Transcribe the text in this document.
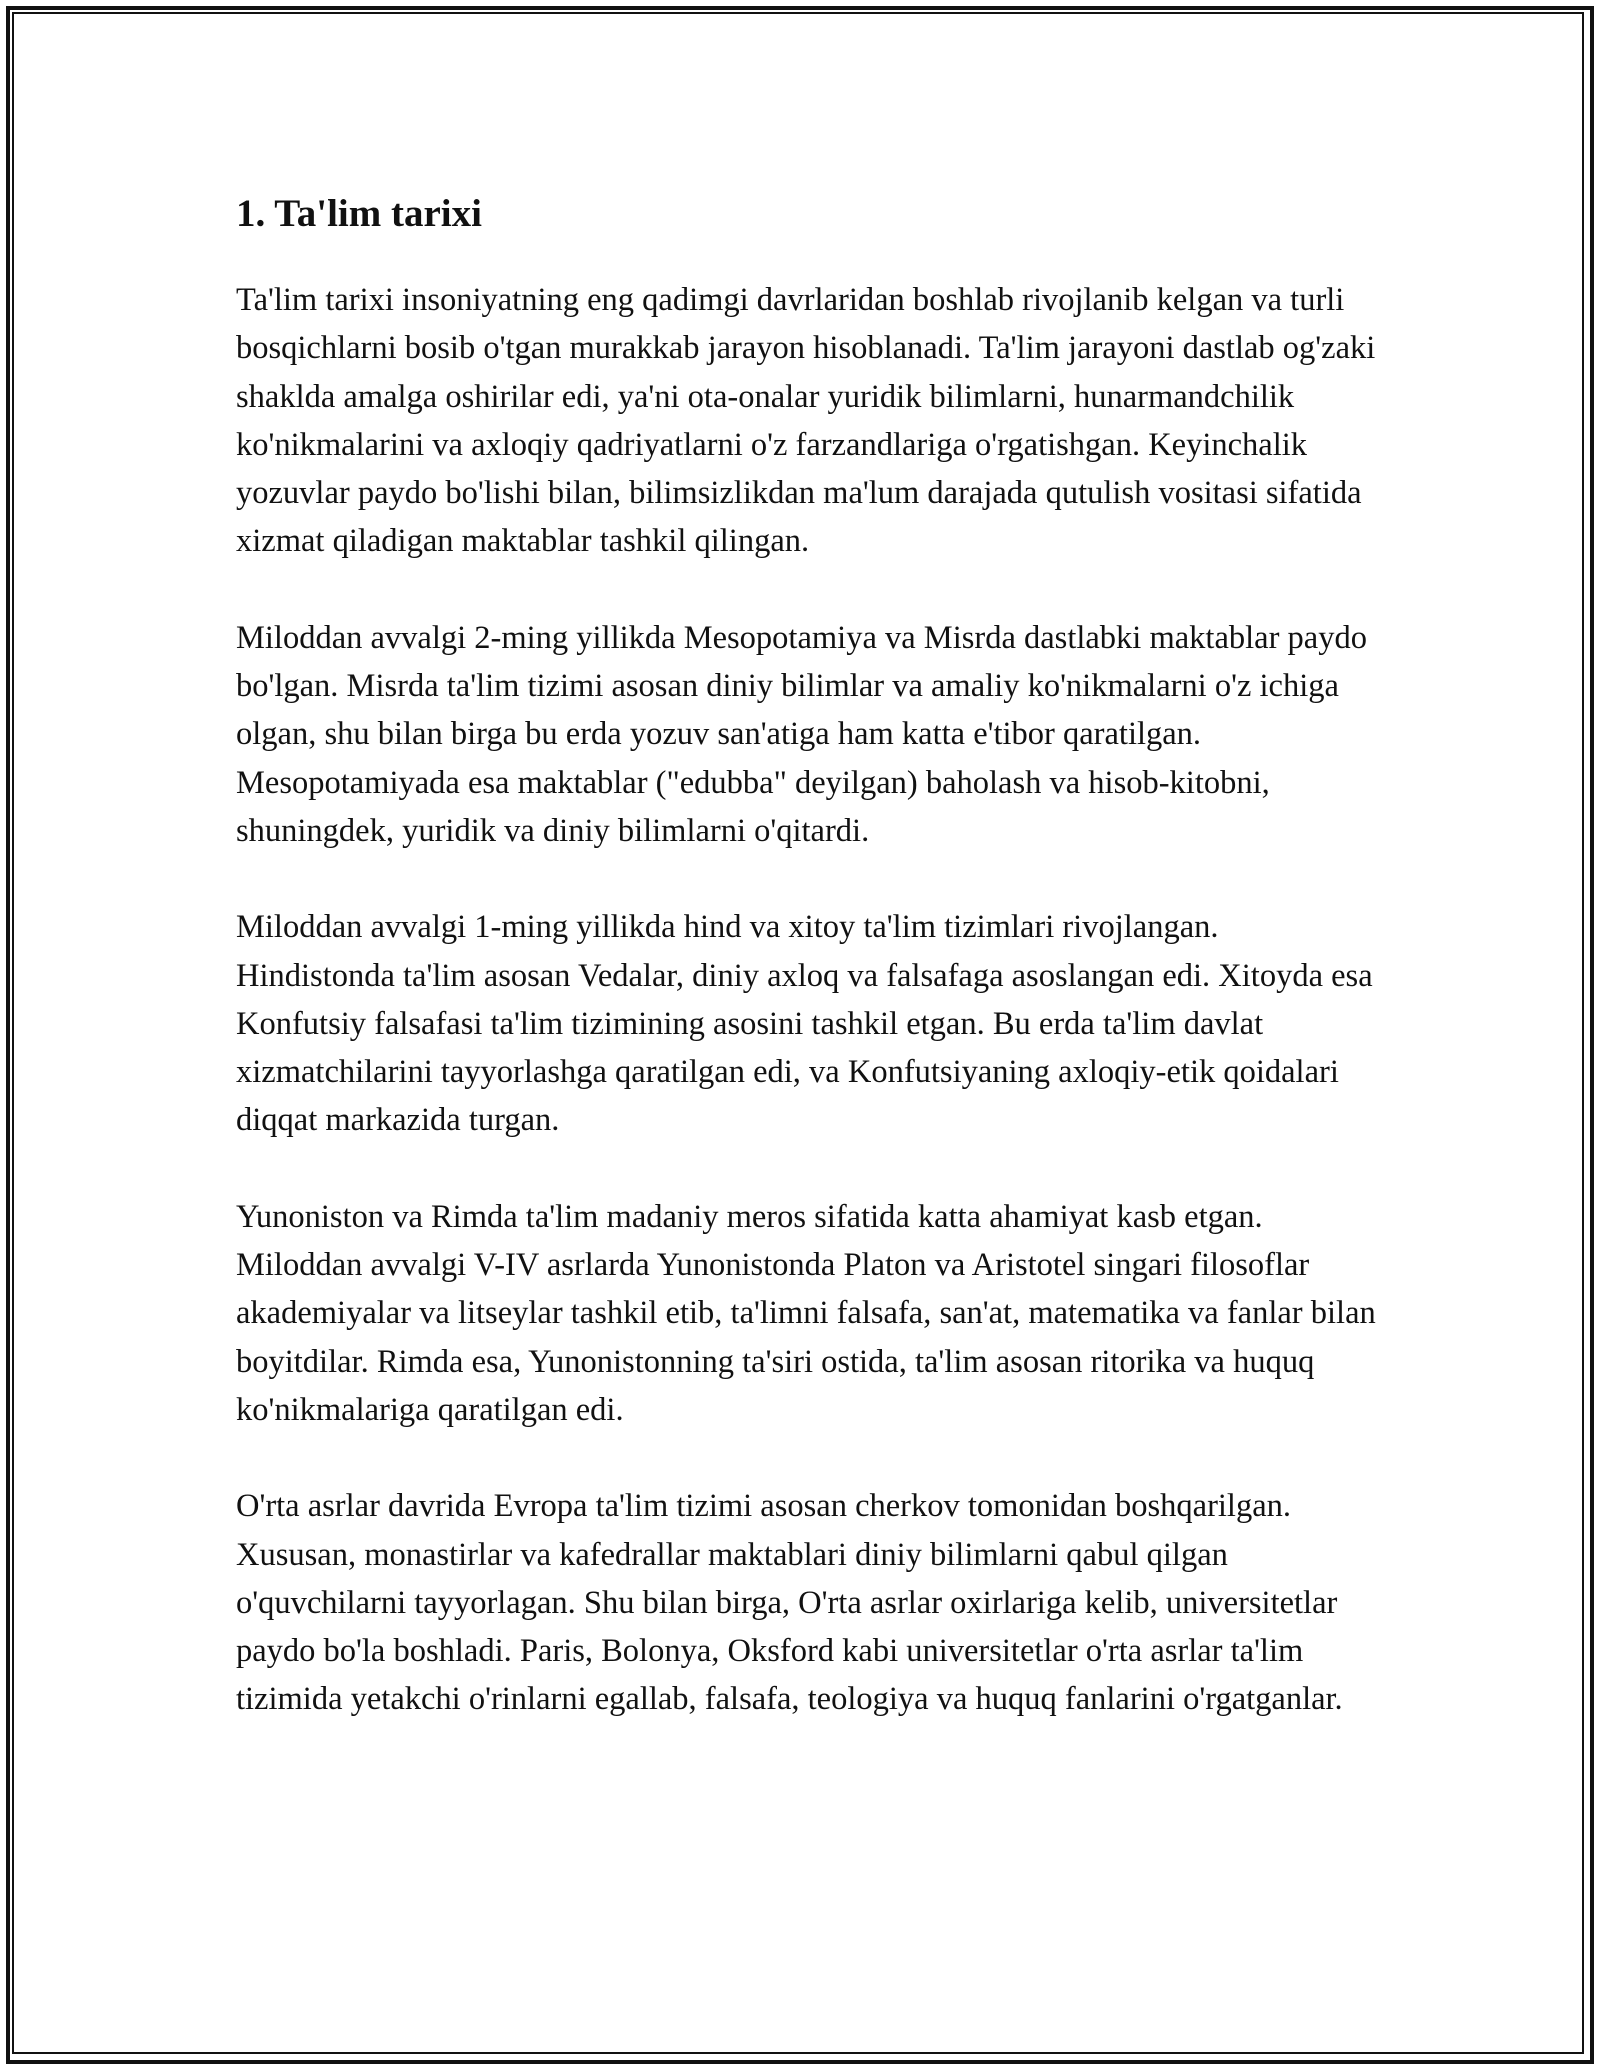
1. Ta'lim tarixi

Ta'lim tarixi insoniyatning eng qadimgi davrlaridan boshlab rivojlanib kelgan va turli bosqichlarni bosib o'tgan murakkab jarayon hisoblanadi. Ta'lim jarayoni dastlab og'zaki shaklda amalga oshirilar edi, ya'ni ota-onalar yuridik bilimlarni, hunarmandchilik ko'nikmalarini va axloqiy qadriyatlarni o'z farzandlariga o'rgatishgan. Keyinchalik yozuvlar paydo bo'lishi bilan, bilimsizlikdan ma'lum darajada qutulish vositasi sifatida xizmat qiladigan maktablar tashkil qilingan.

Miloddan avvalgi 2-ming yillikda Mesopotamiya va Misrda dastlabki maktablar paydo bo'lgan. Misrda ta'lim tizimi asosan diniy bilimlar va amaliy ko'nikmalarni o'z ichiga olgan, shu bilan birga bu erda yozuv san'atiga ham katta e'tibor qaratilgan. Mesopotamiyada esa maktablar ("edubba" deyilgan) baholash va hisob-kitobni, shuningdek, yuridik va diniy bilimlarni o'qitardi.

Miloddan avvalgi 1-ming yillikda hind va xitoy ta'lim tizimlari rivojlangan. Hindistonda ta'lim asosan Vedalar, diniy axloq va falsafaga asoslangan edi. Xitoyda esa Konfutsiy falsafasi ta'lim tizimining asosini tashkil etgan. Bu erda ta'lim davlat xizmatchilarini tayyorlashga qaratilgan edi, va Konfutsiyaning axloqiy-etik qoidalari diqqat markazida turgan.

Yunoniston va Rimda ta'lim madaniy meros sifatida katta ahamiyat kasb etgan. Miloddan avvalgi V-IV asrlarda Yunonistonda Platon va Aristotel singari filosoflar akademiyalar va litseylar tashkil etib, ta'limni falsafa, san'at, matematika va fanlar bilan boyitdilar. Rimda esa, Yunonistonning ta'siri ostida, ta'lim asosan ritorika va huquq ko'nikmalariga qaratilgan edi.

O'rta asrlar davrida Evropa ta'lim tizimi asosan cherkov tomonidan boshqarilgan. Xususan, monastirlar va kafedrallar maktablari diniy bilimlarni qabul qilgan o'quvchilarni tayyorlagan. Shu bilan birga, O'rta asrlar oxirlariga kelib, universitetlar paydo bo'la boshladi. Paris, Bolonya, Oksford kabi universitetlar o'rta asrlar ta'lim tizimida yetakchi o'rinlarni egallab, falsafa, teologiya va huquq fanlarini o'rgatganlar.
